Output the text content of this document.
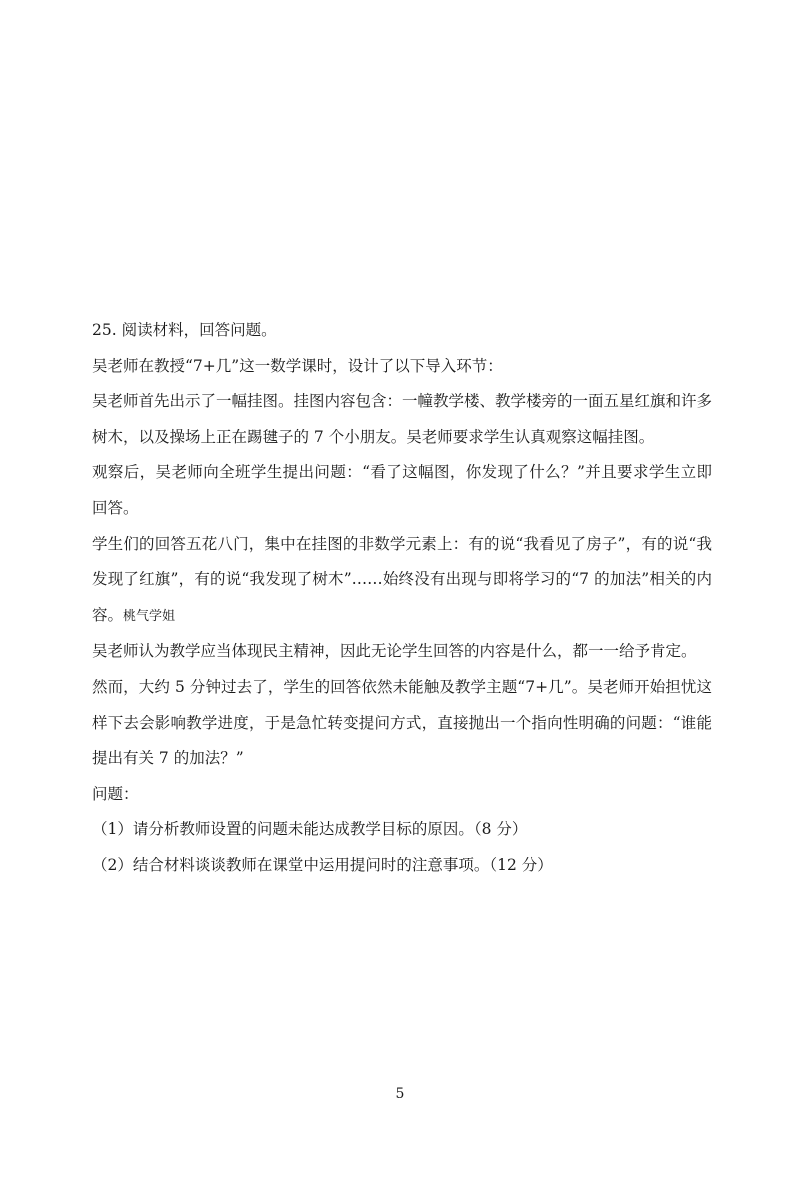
25. 阅读材料，回答问题。

吴老师在教授“7+几”这一数学课时，设计了以下导入环节：

吴老师首先出示了一幅挂图。挂图内容包含：一幢教学楼、教学楼旁的一面五星红旗和许多树木，以及操场上正在踢毽子的 7 个小朋友。吴老师要求学生认真观察这幅挂图。

观察后，吴老师向全班学生提出问题：“看了这幅图，你发现了什么？”并且要求学生立即回答。

学生们的回答五花八门，集中在挂图的非数学元素上：有的说“我看见了房子”，有的说“我发现了红旗”，有的说“我发现了树木”……始终没有出现与即将学习的“7 的加法”相关的内容。桃气学姐

吴老师认为教学应当体现民主精神，因此无论学生回答的内容是什么，都一一给予肯定。

然而，大约 5 分钟过去了，学生的回答依然未能触及教学主题“7+几”。吴老师开始担忧这样下去会影响教学进度，于是急忙转变提问方式，直接抛出一个指向性明确的问题：“谁能提出有关 7 的加法？”

问题：

（1）请分析教师设置的问题未能达成教学目标的原因。（8 分）

（2）结合材料谈谈教师在课堂中运用提问时的注意事项。（12 分）

5
